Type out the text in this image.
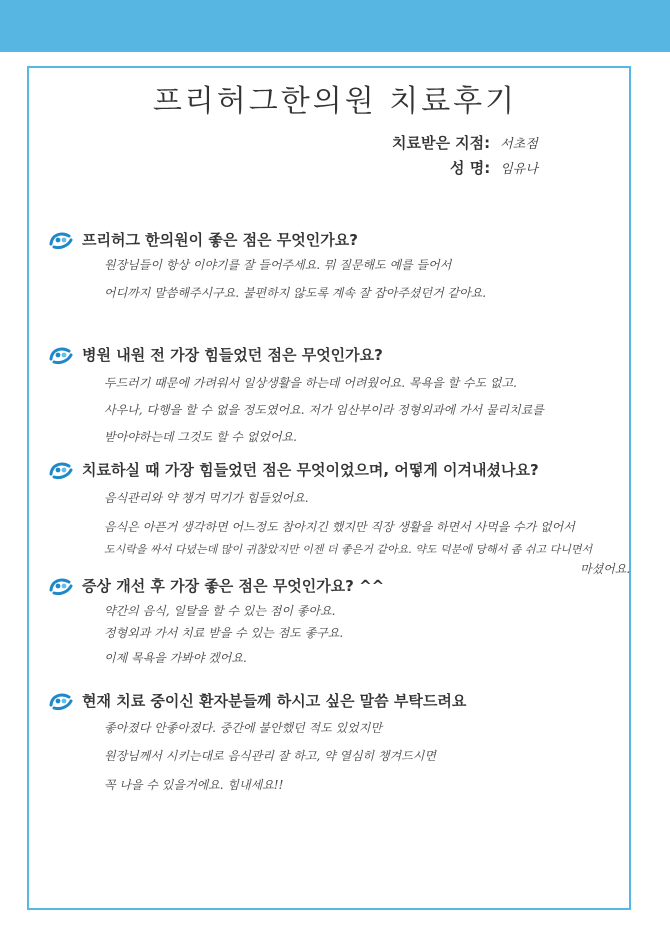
프리허그한의원 치료후기
치료받은 지점: 서초점
성 명: 임유나
프리허그 한의원이 좋은 점은 무엇인가요?
원장님들이 항상 이야기를 잘 들어주세요. 뭐 질문해도 예를 들어서
어디까지 말씀해주시구요. 불편하지 않도록 계속 잘 잡아주셨던거 같아요.
병원 내원 전 가장 힘들었던 점은 무엇인가요?
두드러기 때문에 가려워서 일상생활을 하는데 어려웠어요. 목욕을 할 수도 없고.
사우나, 다행을 할 수 없을 정도였어요. 저가 임산부이라 정형외과에 가서 물리치료를
받아야하는데 그것도 할 수 없었어요.
치료하실 때 가장 힘들었던 점은 무엇이었으며, 어떻게 이겨내셨나요?
음식관리와 약 챙겨 먹기가 힘들었어요.
음식은 아픈거 생각하면 어느정도 참아지긴 했지만 직장 생활을 하면서 사먹을 수가 없어서
도시락을 싸서 다녔는데 많이 귀찮았지만 이젠 더 좋은거 같아요. 약도 덕분에 당해서 좀 쉬고 다니면서
마셨어요.
증상 개선 후 가장 좋은 점은 무엇인가요? ^^
약간의 음식, 일탈을 할 수 있는 점이 좋아요.
정형외과 가서 치료 받을 수 있는 점도 좋구요.
이제 목욕을 가봐야 겠어요.
현재 치료 중이신 환자분들께 하시고 싶은 말씀 부탁드려요
좋아졌다 안좋아졌다. 중간에 불안했던 적도 있었지만
원장님께서 시키는대로 음식관리 잘 하고, 약 열심히 챙겨드시면
꼭 나을 수 있을거에요. 힘내세요!!
